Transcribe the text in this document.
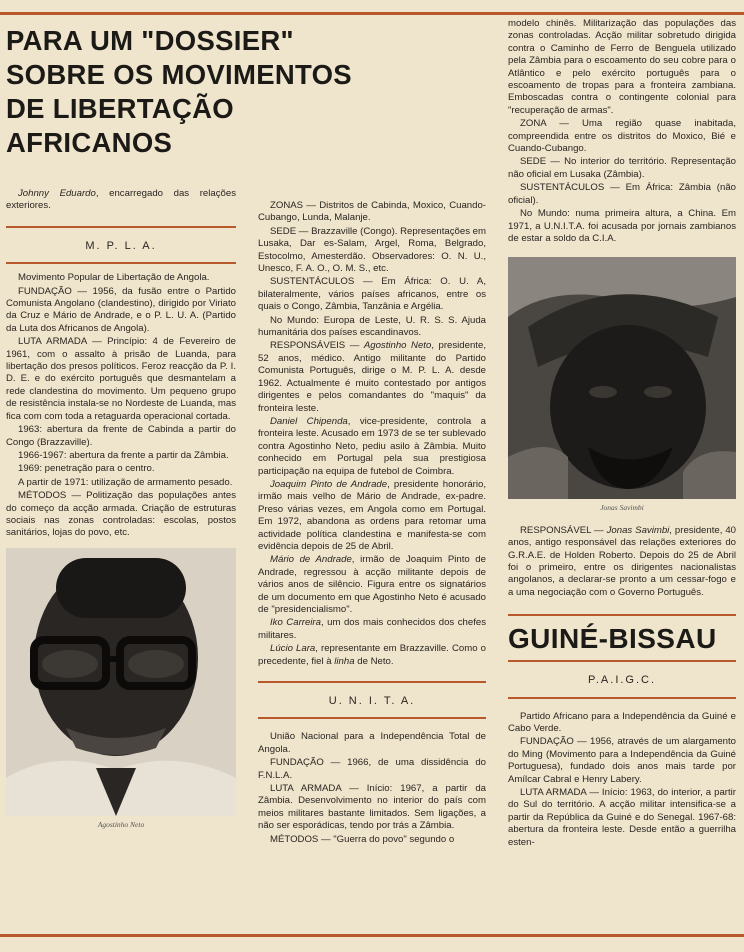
PARA UM "DOSSIER"
SOBRE OS MOVIMENTOS
DE LIBERTAÇÃO
AFRICANOS
Johnny Eduardo, encarregado das relações exteriores.
M. P. L. A.
Movimento Popular de Libertação de Angola.
FUNDAÇÃO — 1956, da fusão entre o Partido Comunista Angolano (clandestino), dirigido por Viriato da Cruz e Mário de Andrade, e o P. L. U. A. (Partido da Luta dos Africanos de Angola).
LUTA ARMADA — Princípio: 4 de Fevereiro de 1961, com o assalto à prisão de Luanda, para libertação dos presos políticos. Feroz reacção da P. I. D. E. e do exército português que desmantelam a rede clandestina do movimento. Um pequeno grupo de resistência instala-se no Nordeste de Luanda, mas fica com com toda a retaguarda operacional cortada.
1963: abertura da frente de Cabinda a partir do Congo (Brazzaville).
1966-1967: abertura da frente a partir da Zâmbia.
1969: penetração para o centro.
A partir de 1971: utilização de armamento pesado.
MÉTODOS — Politização das populações antes do começo da acção armada. Criação de estruturas sociais nas zonas controladas: escolas, postos sanitários, lojas do povo, etc.
Agostinho Neto
ZONAS — Distritos de Cabinda, Moxico, Cuando-Cubango, Lunda, Malanje.
SEDE — Brazzaville (Congo). Representações em Lusaka, Dar es-Salam, Argel, Roma, Belgrado, Estocolmo, Amesterdão. Observadores: O. N. U., Unesco, F. A. O., O. M. S., etc.
SUSTENTÁCULOS — Em África: O. U. A, bilateralmente, vários países africanos, entre os quais o Congo, Zâmbia, Tanzânia e Argélia.
No Mundo: Europa de Leste, U. R. S. S. Ajuda humanitária dos países escandinavos.
RESPONSÁVEIS — Agostinho Neto, presidente, 52 anos, médico. Antigo militante do Partido Comunista Português, dirige o M. P. L. A. desde 1962. Actualmente é muito contestado por antigos dirigentes e pelos comandantes do "maquis" da fronteira leste.
Daniel Chipenda, vice-presidente, controla a fronteira leste. Acusado em 1973 de se ter sublevado contra Agostinho Neto, pediu asilo à Zâmbia. Muito conhecido em Portugal pela sua prestigiosa participação na equipa de futebol de Coimbra.
Joaquim Pinto de Andrade, presidente honorário, irmão mais velho de Mário de Andrade, ex-padre. Preso várias vezes, em Angola como em Portugal. Em 1972, abandona as ordens para retomar uma actividade política clandestina e manifesta-se com evidência depois de 25 de Abril.
Mário de Andrade, irmão de Joaquim Pinto de Andrade, regressou à acção militante depois de vários anos de silêncio. Figura entre os signatários de um documento em que Agostinho Neto é acusado de "presidencialismo".
Iko Carreira, um dos mais conhecidos dos chefes militares.
Lúcio Lara, representante em Brazzaville. Como o precedente, fiel à linha de Neto.
U. N. I. T. A.
União Nacional para a Independência Total de Angola.
FUNDAÇÃO — 1966, de uma dissidência do F.N.L.A.
LUTA ARMADA — Início: 1967, a partir da Zâmbia. Desenvolvimento no interior do país com meios militares bastante limitados. Sem ligações, a não ser esporádicas, tendo por trás a Zâmbia.
MÉTODOS — "Guerra do povo" segundo o
modelo chinês. Militarização das populações das zonas controladas. Acção militar sobretudo dirigida contra o Caminho de Ferro de Benguela utilizado pela Zâmbia para o escoamento do seu cobre para o Atlântico e pelo exército português para o escoamento de tropas para a fronteira zambiana. Emboscadas contra o contingente colonial para "recuperação de armas".
ZONA — Uma região quase inabitada, compreendida entre os distritos do Moxico, Bié e Cuando-Cubango.
SEDE — No interior do território. Representação não oficial em Lusaka (Zâmbia).
SUSTENTÁCULOS — Em África: Zâmbia (não oficial).
No Mundo: numa primeira altura, a China. Em 1971, a U.N.I.T.A. foi acusada por jornais zambianos de estar a soldo da C.I.A.
Jonas Savimbi
RESPONSÁVEL — Jonas Savimbi, presidente, 40 anos, antigo responsável das relações exteriores do G.R.A.E. de Holden Roberto. Depois do 25 de Abril foi o primeiro, entre os dirigentes nacionalistas angolanos, a declarar-se pronto a um cessar-fogo e a uma negociação com o Governo Português.
GUINÉ-BISSAU
P.A.I.G.C.
Partido Africano para a Independência da Guiné e Cabo Verde.
FUNDAÇÃO — 1956, através de um alargamento do Ming (Movimento para a Independência da Guiné Portuguesa), fundado dois anos mais tarde por Amílcar Cabral e Henry Labery.
LUTA ARMADA — Início: 1963, do interior, a partir do Sul do território. A acção militar intensifica-se a partir da República da Guiné e do Senegal. 1967-68: abertura da fronteira leste. Desde então a guerrilha esten-
